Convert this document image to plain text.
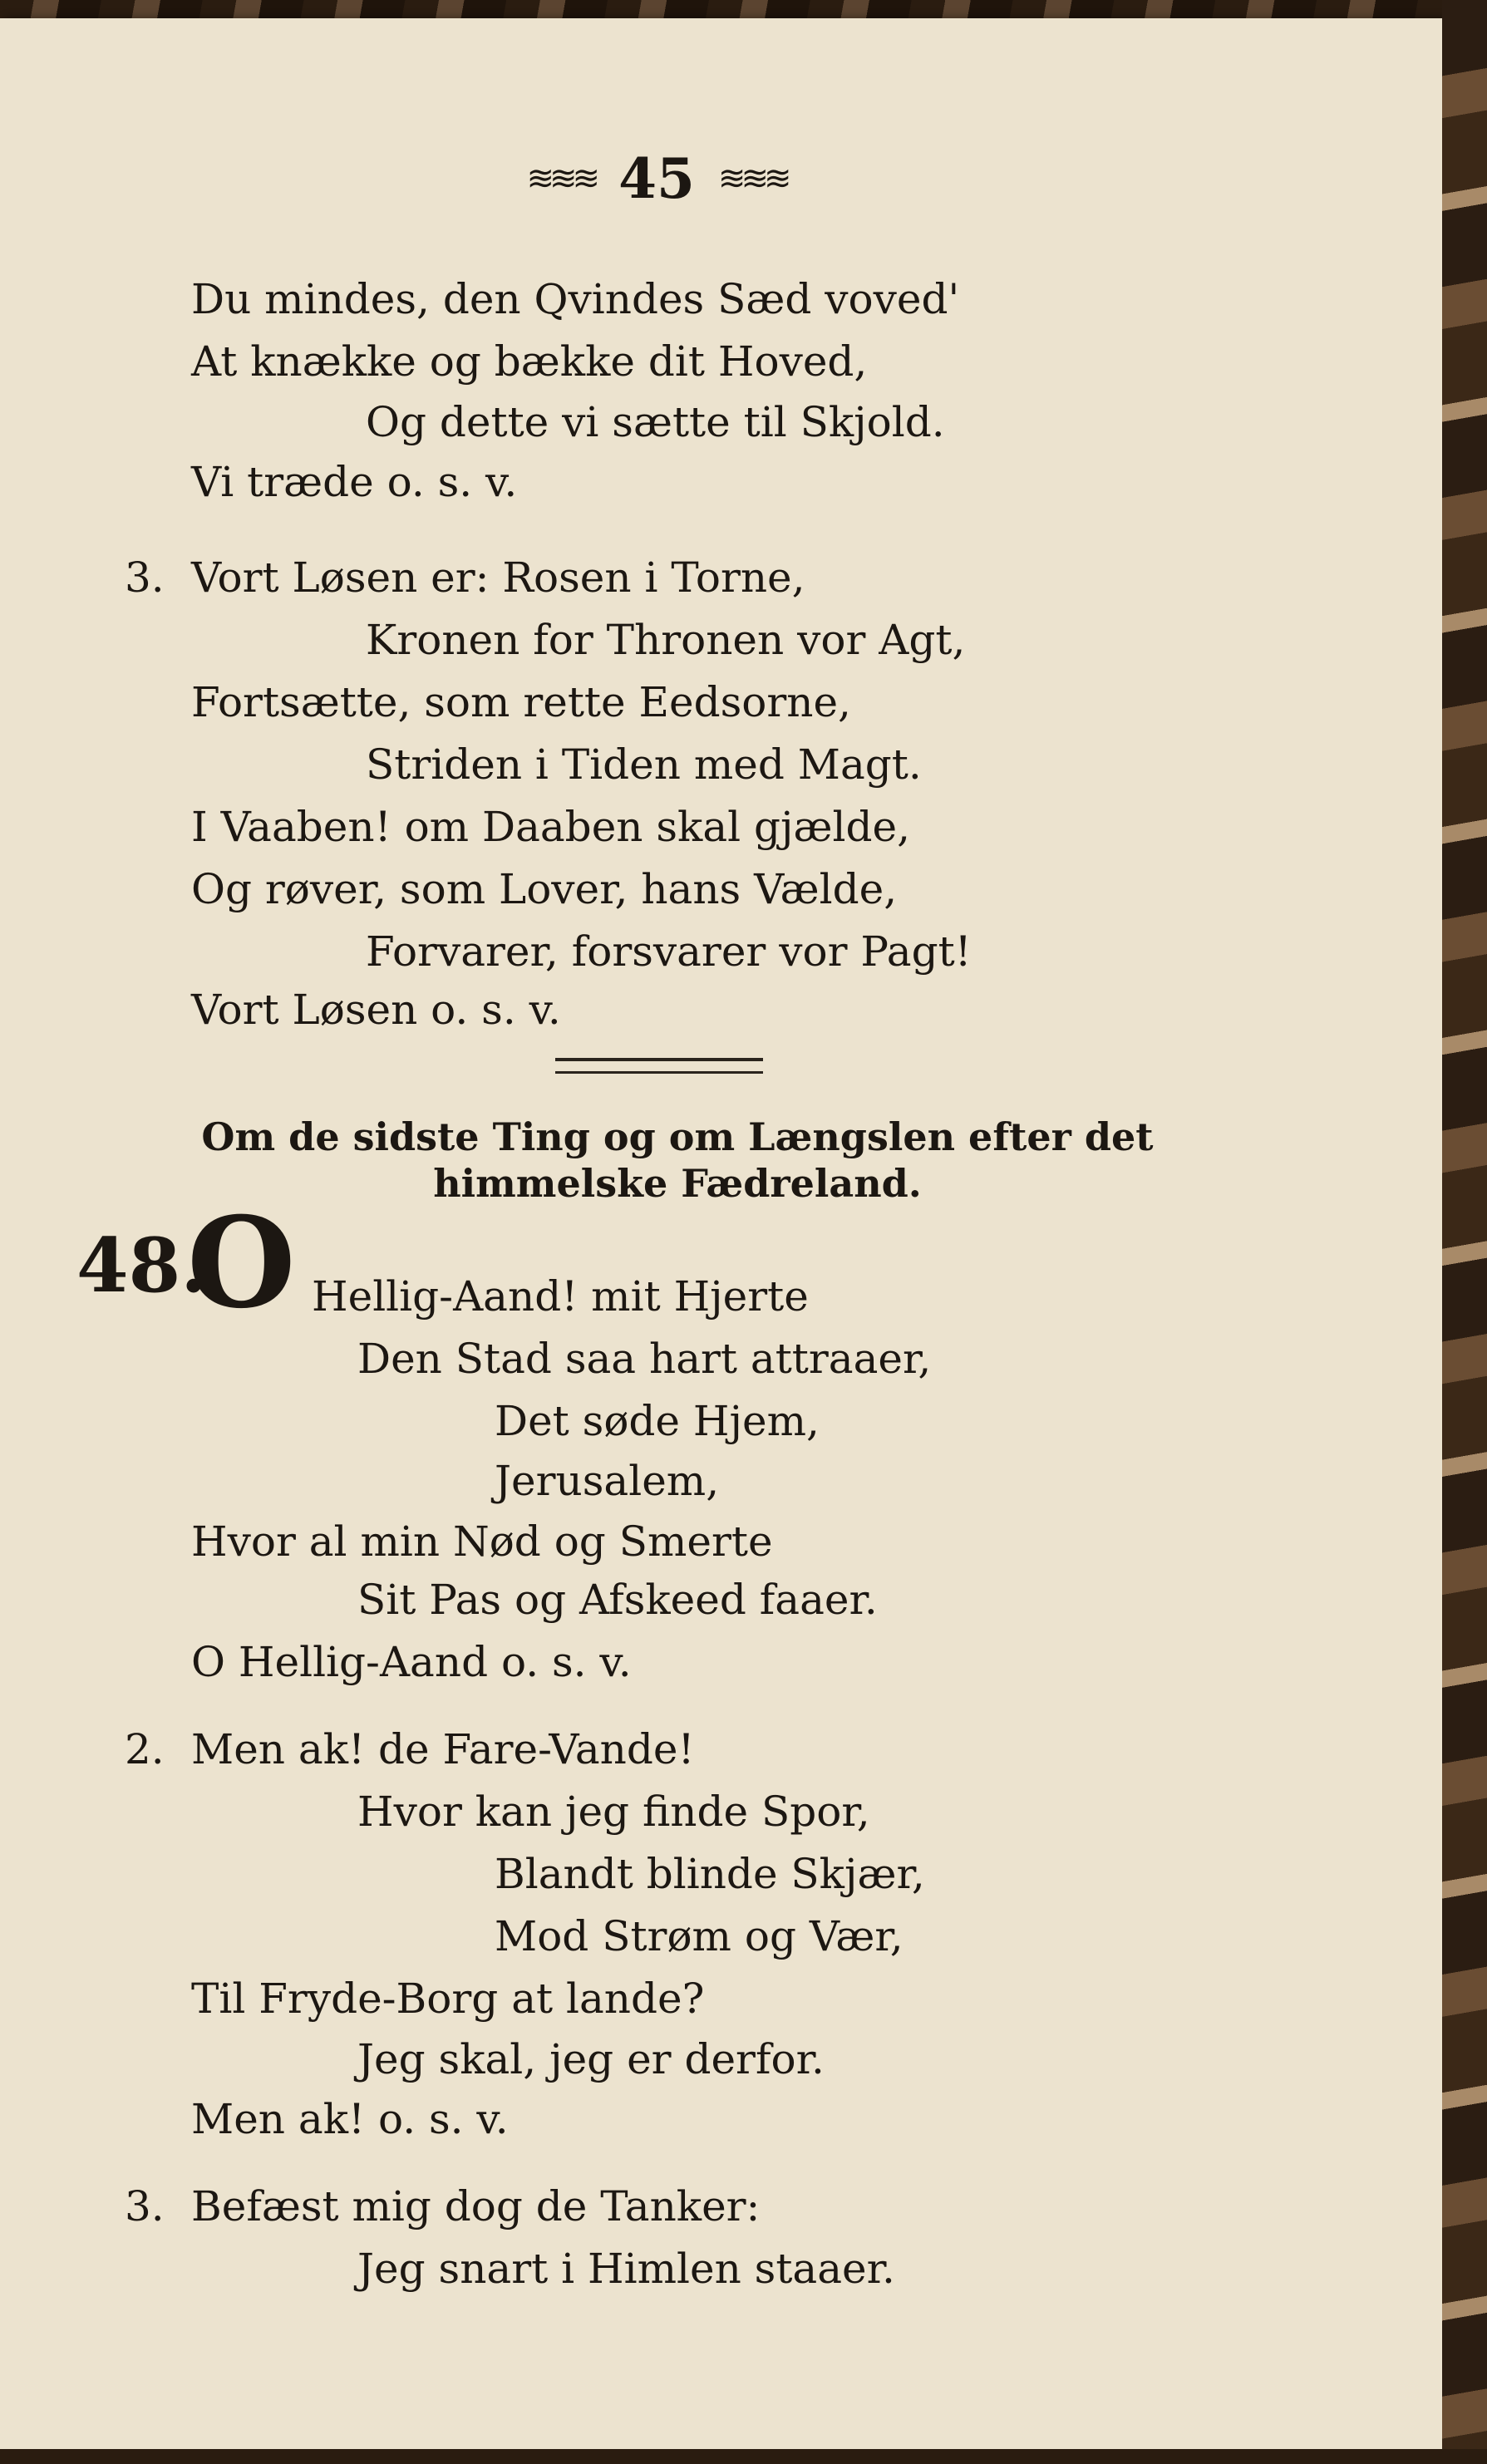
≋≋≋ 45 ≋≋≋
Du mindes, den Qvindes Sæd voved'
At knække og bække dit Hoved,
Og dette vi sætte til Skjold.
Vi træde o. s. v.
3. Vort Løsen er: Rosen i Torne,
Kronen for Thronen vor Agt,
Fortsætte, som rette Eedsorne,
Striden i Tiden med Magt.
I Vaaben! om Daaben skal gjælde,
Og røver, som Lover, hans Vælde,
Forvarer, forsvarer vor Pagt!
Vort Løsen o. s. v.
Om de sidste Ting og om Længslen efter det
himmelske Fædreland.
48.
O Hellig-Aand! mit Hjerte
Den Stad saa hart attraaer,
Det søde Hjem,
Jerusalem,
Hvor al min Nød og Smerte
Sit Pas og Afskeed faaer.
O Hellig-Aand o. s. v.
2. Men ak! de Fare-Vande!
Hvor kan jeg finde Spor,
Blandt blinde Skjær,
Mod Strøm og Vær,
Til Fryde-Borg at lande?
Jeg skal, jeg er derfor.
Men ak! o. s. v.
3. Befæst mig dog de Tanker:
Jeg snart i Himlen staaer.
